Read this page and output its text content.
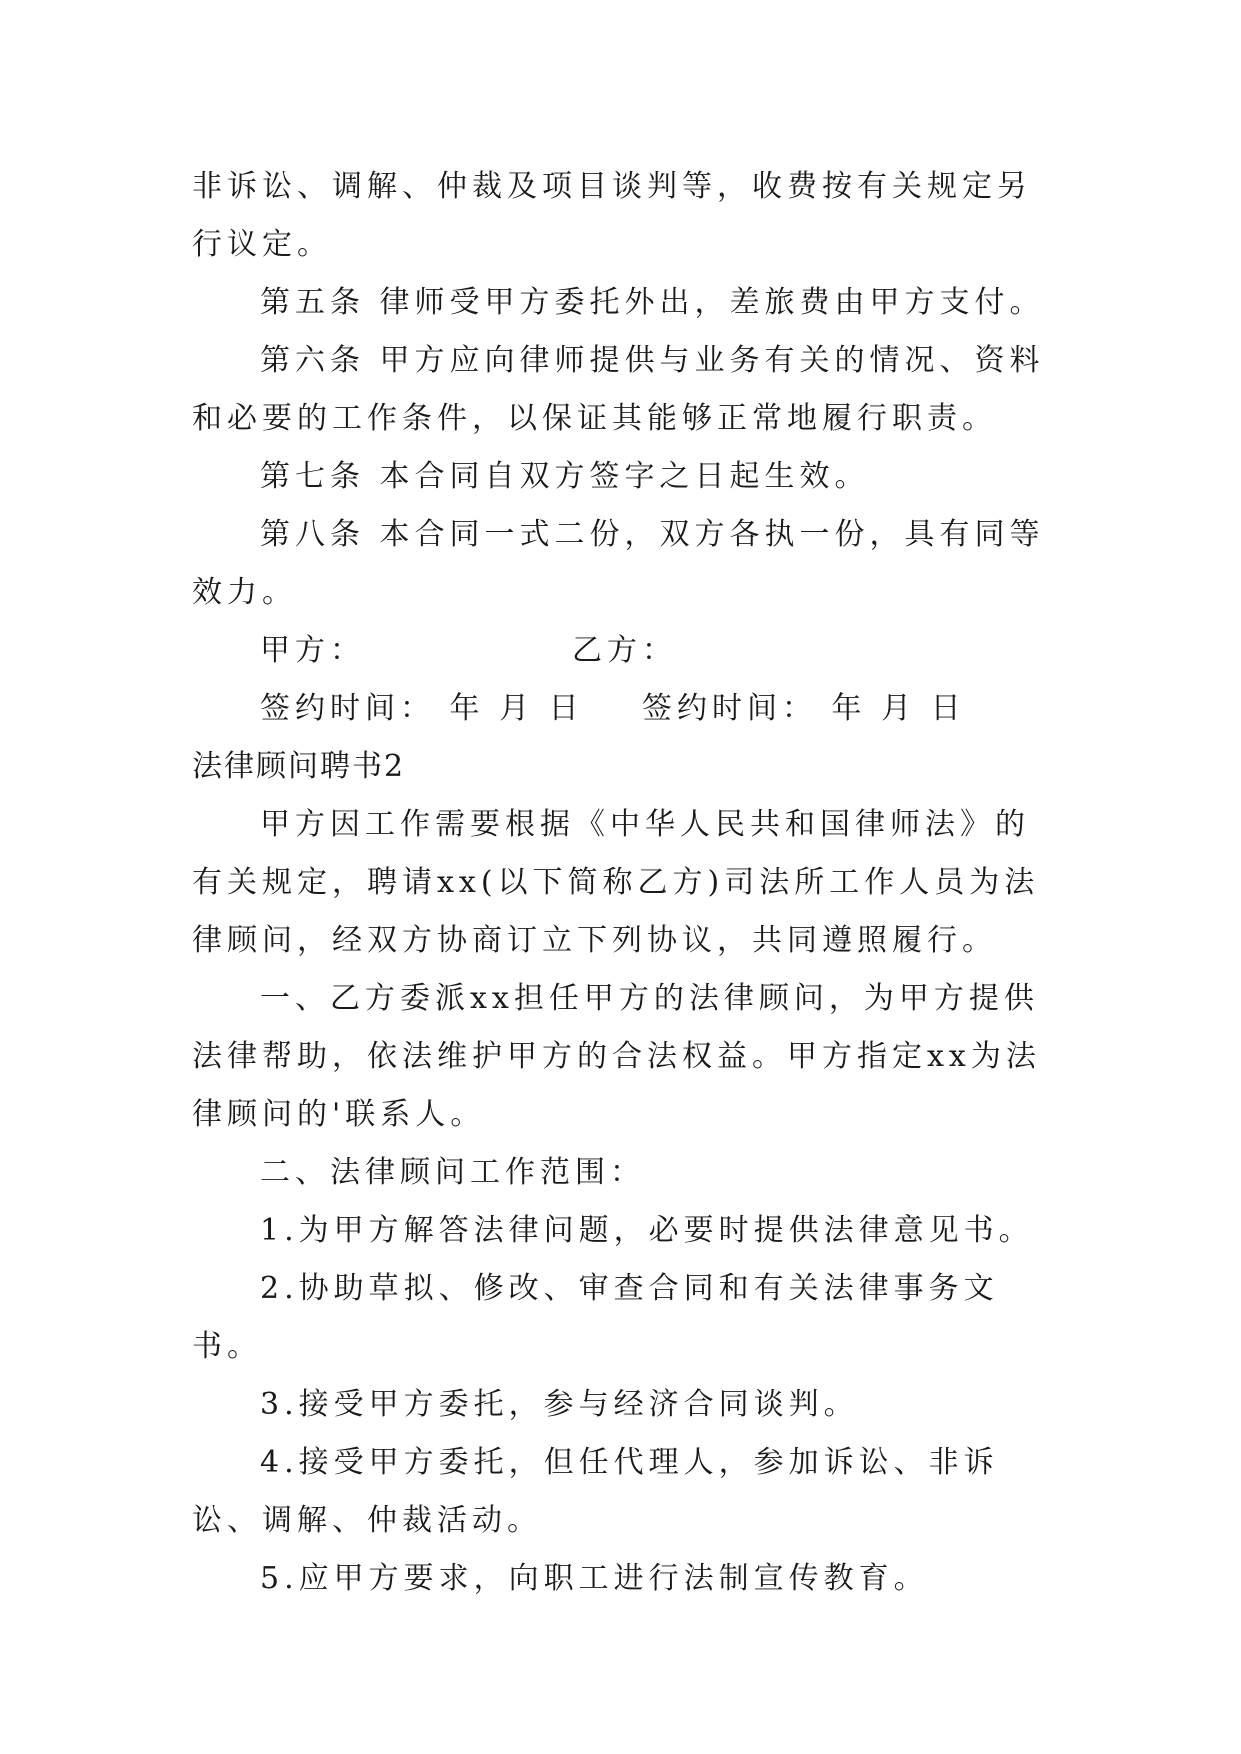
非诉讼、调解、仲裁及项目谈判等，收费按有关规定另行议定。

第五条 律师受甲方委托外出，差旅费由甲方支付。

第六条 甲方应向律师提供与业务有关的情况、资料和必要的工作条件，以保证其能够正常地履行职责。

第七条 本合同自双方签字之日起生效。

第八条 本合同一式二份，双方各执一份，具有同等效力。

甲方：	乙方：
签约时间： 年 月 日 签约时间： 年 月 日

法律顾问聘书2

甲方因工作需要根据《中华人民共和国律师法》的有关规定，聘请xx(以下简称乙方)司法所工作人员为法律顾问，经双方协商订立下列协议，共同遵照履行。

一、乙方委派xx担任甲方的法律顾问，为甲方提供法律帮助，依法维护甲方的合法权益。甲方指定xx为法律顾问的'联系人。

二、法律顾问工作范围：

1.为甲方解答法律问题，必要时提供法律意见书。

2.协助草拟、修改、审查合同和有关法律事务文书。

3.接受甲方委托，参与经济合同谈判。

4.接受甲方委托，但任代理人，参加诉讼、非诉讼、调解、仲裁活动。

5.应甲方要求，向职工进行法制宣传教育。
